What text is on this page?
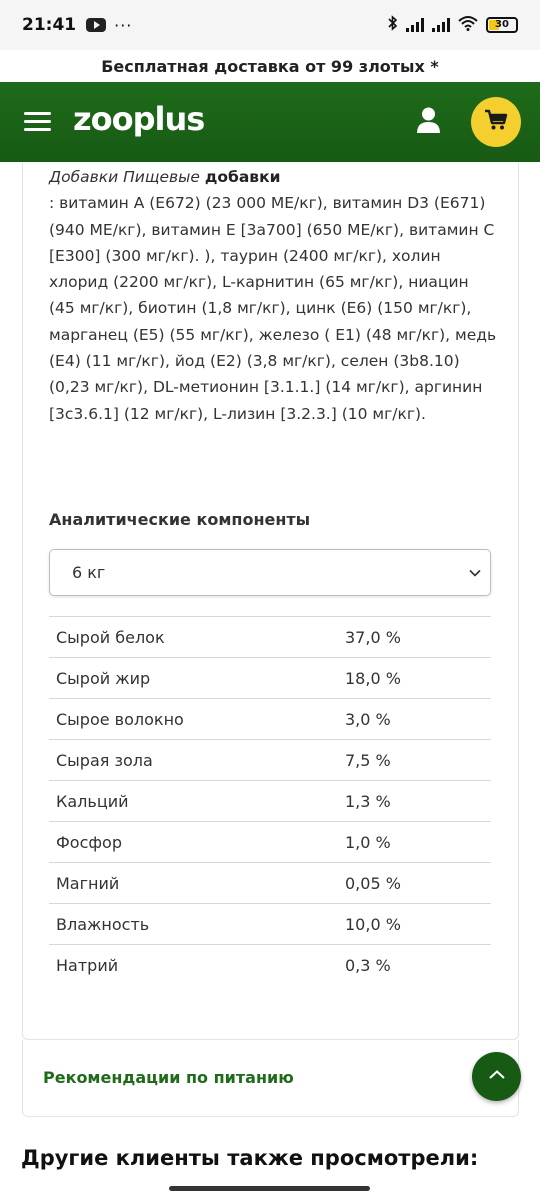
21:41 ···	30
Бесплатная доставка от 99 злотых *
zooplus
Добавки Пищевые добавки
: витамин А (E672) (23 000 МЕ/кг), витамин D3 (E671) (940 МЕ/кг), витамин Е [3a700] (650 МЕ/кг), витамин С [E300] (300 мг/кг). ), таурин (2400 мг/кг), холин хлорид (2200 мг/кг), L-карнитин (65 мг/кг), ниацин (45 мг/кг), биотин (1,8 мг/кг), цинк (E6) (150 мг/кг), марганец (E5) (55 мг/кг), железо ( E1) (48 мг/кг), медь (E4) (11 мг/кг), йод (E2) (3,8 мг/кг), селен (3b8.10) (0,23 мг/кг), DL-метионин [3.1.1.] (14 мг/кг), аргинин [3c3.6.1] (12 мг/кг), L-лизин [3.2.3.] (10 мг/кг).
Аналитические компоненты
6 кг
Сырой белок	37,0 %
Сырой жир	18,0 %
Сырое волокно	3,0 %
Сырая зола	7,5 %
Кальций	1,3 %
Фосфор	1,0 %
Магний	0,05 %
Влажность	10,0 %
Натрий	0,3 %
Рекомендации по питанию
Другие клиенты также просмотрели:
